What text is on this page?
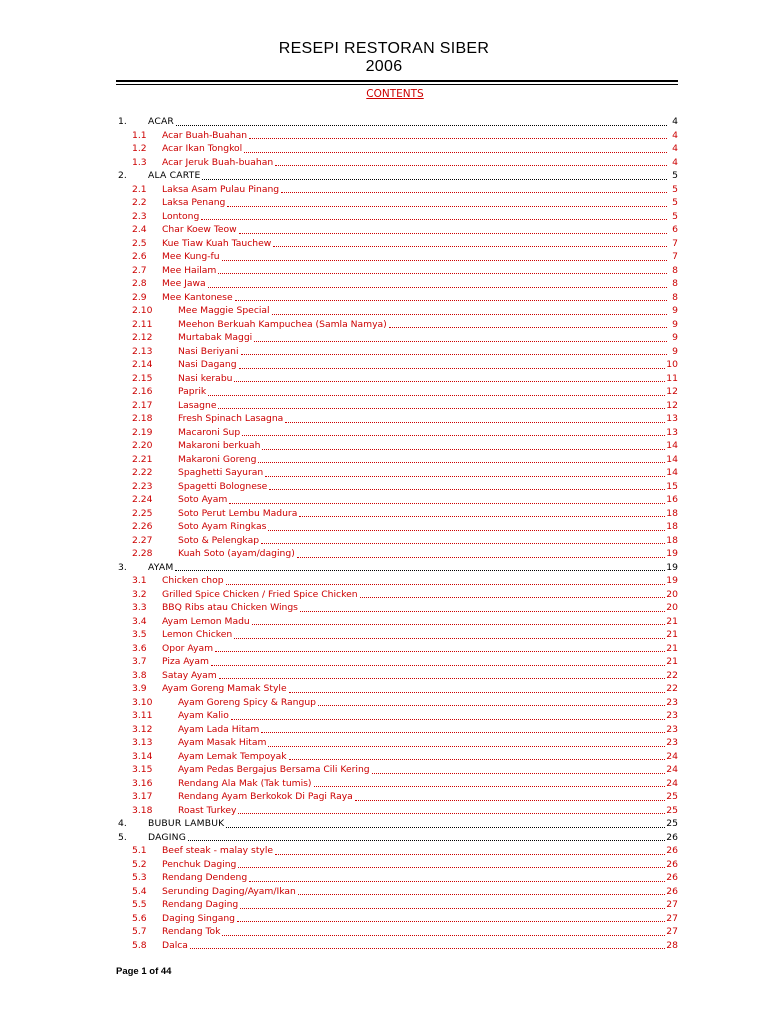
RESEPI RESTORAN SIBER
2006
CONTENTS
1.	ACAR	4
1.1	Acar Buah-Buahan	4
1.2	Acar Ikan Tongkol	4
1.3	Acar Jeruk Buah-buahan	4
2.	ALA CARTE	5
2.1	Laksa Asam Pulau Pinang	5
2.2	Laksa Penang	5
2.3	Lontong	5
2.4	Char Koew Teow	6
2.5	Kue Tiaw Kuah Tauchew	7
2.6	Mee Kung-fu	7
2.7	Mee Hailam	8
2.8	Mee Jawa	8
2.9	Mee Kantonese	8
2.10	Mee Maggie Special	9
2.11	Meehon Berkuah Kampuchea (Samla Namya)	9
2.12	Murtabak Maggi	9
2.13	Nasi Beriyani	9
2.14	Nasi Dagang	10
2.15	Nasi kerabu	11
2.16	Paprik	12
2.17	Lasagne	12
2.18	Fresh Spinach Lasagna	13
2.19	Macaroni Sup	13
2.20	Makaroni berkuah	14
2.21	Makaroni Goreng	14
2.22	Spaghetti Sayuran	14
2.23	Spagetti Bolognese	15
2.24	Soto Ayam	16
2.25	Soto Perut Lembu Madura	18
2.26	Soto Ayam Ringkas	18
2.27	Soto & Pelengkap	18
2.28	Kuah Soto (ayam/daging)	19
3.	AYAM	19
3.1	Chicken chop	19
3.2	Grilled Spice Chicken / Fried Spice Chicken	20
3.3	BBQ Ribs atau Chicken Wings	20
3.4	Ayam Lemon Madu	21
3.5	Lemon Chicken	21
3.6	Opor Ayam	21
3.7	Piza Ayam	21
3.8	Satay Ayam	22
3.9	Ayam Goreng Mamak Style	22
3.10	Ayam Goreng Spicy & Rangup	23
3.11	Ayam Kalio	23
3.12	Ayam Lada Hitam	23
3.13	Ayam Masak Hitam	23
3.14	Ayam Lemak Tempoyak	24
3.15	Ayam Pedas Bergajus Bersama Cili Kering	24
3.16	Rendang Ala Mak (Tak tumis)	24
3.17	Rendang Ayam Berkokok Di Pagi Raya	25
3.18	Roast Turkey	25
4.	BUBUR LAMBUK	25
5.	DAGING	26
5.1	Beef steak - malay style	26
5.2	Penchuk Daging	26
5.3	Rendang Dendeng	26
5.4	Serunding Daging/Ayam/Ikan	26
5.5	Rendang Daging	27
5.6	Daging Singang	27
5.7	Rendang Tok	27
5.8	Dalca	28
Page 1 of 44
